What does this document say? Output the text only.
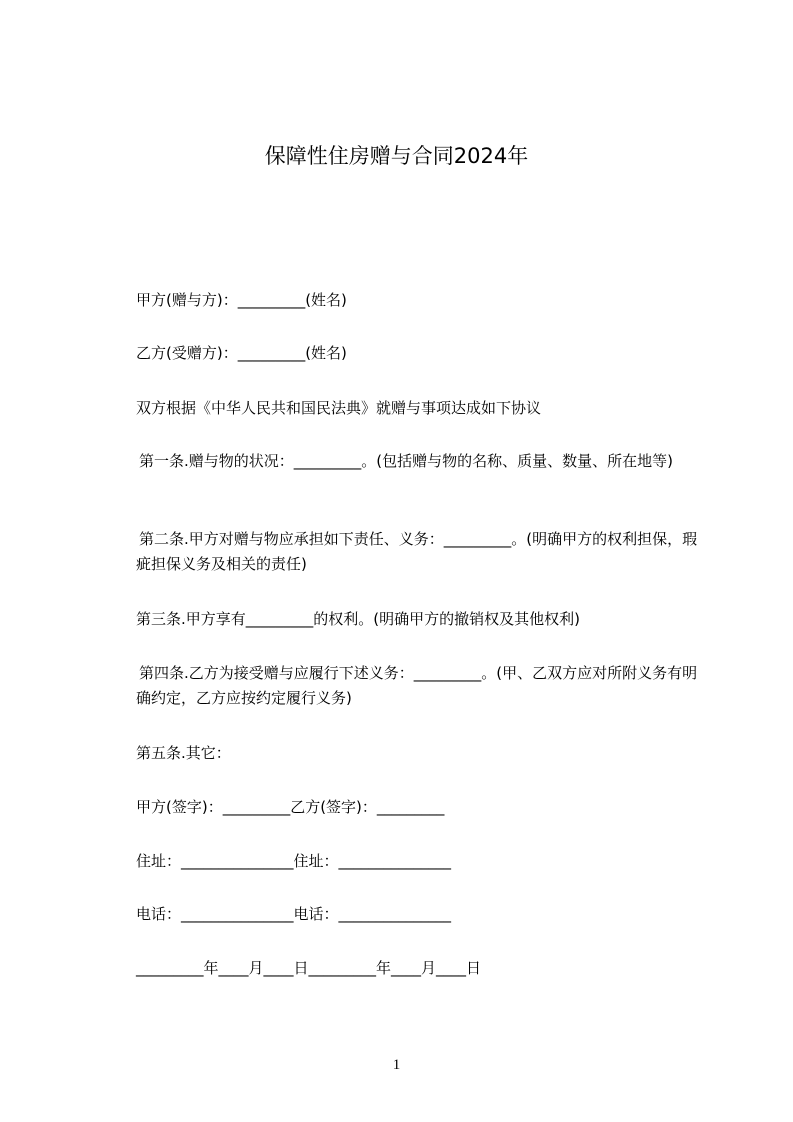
保障性住房赠与合同2024年
甲方(赠与方)：_________(姓名)
乙方(受赠方)：_________(姓名)
双方根据《中华人民共和国民法典》就赠与事项达成如下协议
第一条.赠与物的状况：_________。(包括赠与物的名称、质量、数量、所在地等)
第二条.甲方对赠与物应承担如下责任、义务：_________。(明确甲方的权利担保，瑕疵担保义务及相关的责任)
第三条.甲方享有_________的权利。(明确甲方的撤销权及其他权利)
第四条.乙方为接受赠与应履行下述义务：_________。(甲、乙双方应对所附义务有明确约定，乙方应按约定履行义务)
第五条.其它：
甲方(签字)：_________乙方(签字)：_________
住址：_______________住址：_______________
电话：_______________电话：_______________
_________年____月____日_________年____月____日
1
